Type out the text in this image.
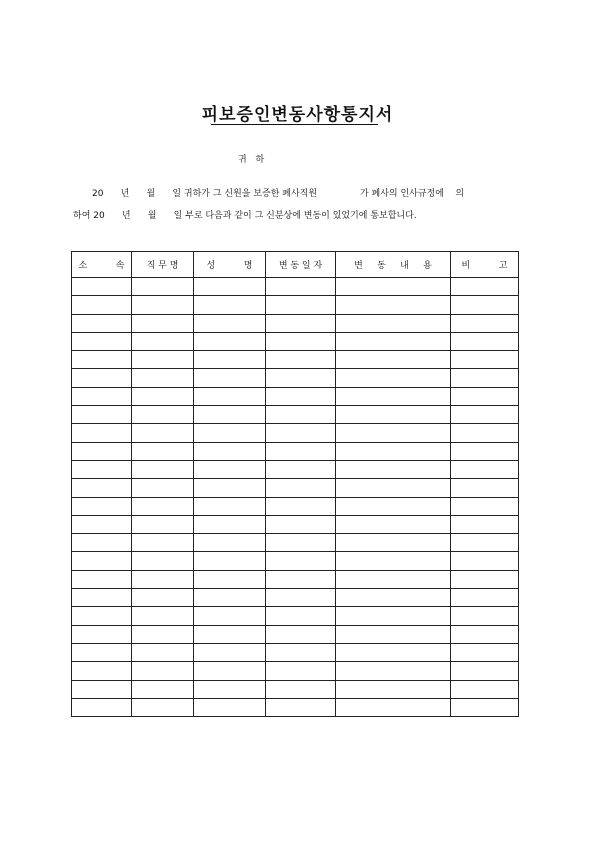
피보증인변동사항통지서
귀 하
20      년      월      일 귀하가 그 신원을 보증한 폐사직원               가 폐사의 인사규정에    의
하여 20      년      월      일 부로 다음과 같이 그 신분상에 변동이 있었기에 통보합니다.
소          속	직 무 명	성          명	변 동 일 자	변     동     내     용	비          고
